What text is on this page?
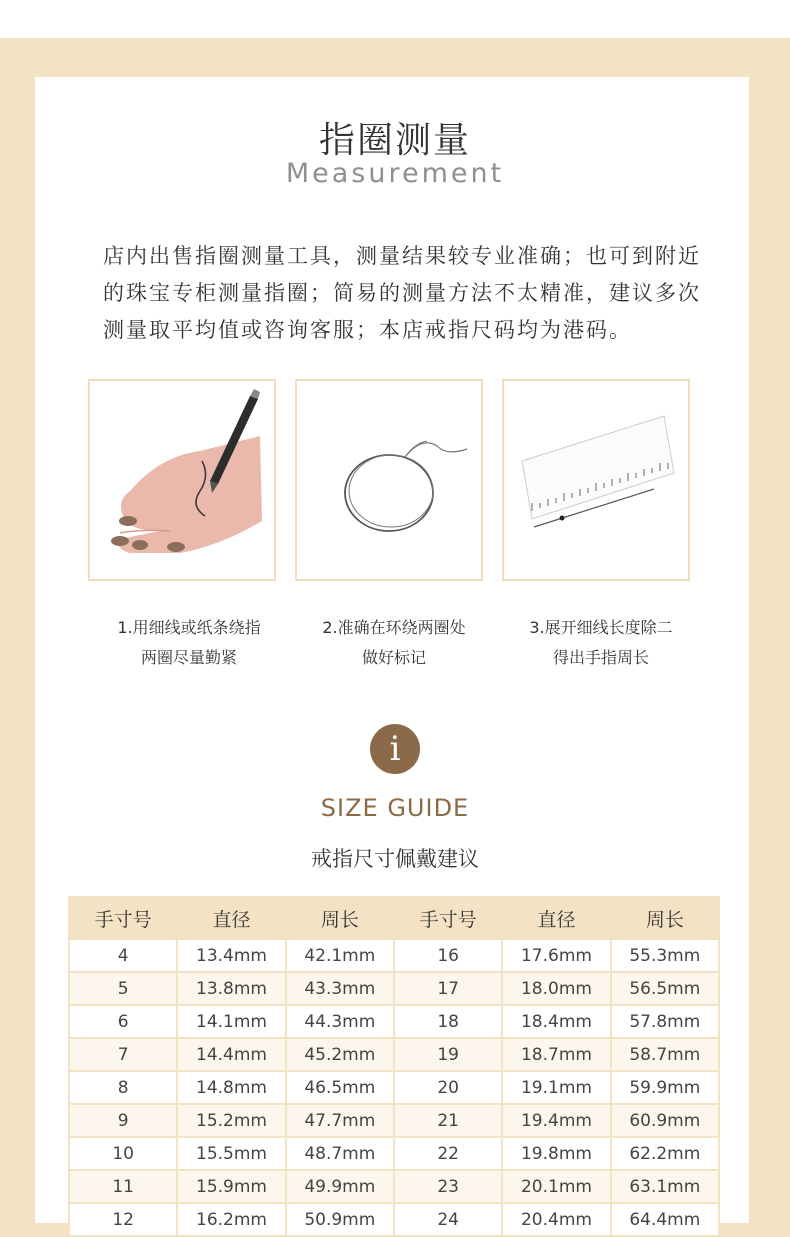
指圈测量
Measurement
店内出售指圈测量工具，测量结果较专业准确；也可到附近的珠宝专柜测量指圈；简易的测量方法不太精准，建议多次测量取平均值或咨询客服；本店戒指尺码均为港码。
1.用细线或纸条绕指
两圈尽量勤紧
2.准确在环绕两圈处
做好标记
3.展开细线长度除二
得出手指周长
i
SIZE GUIDE
戒指尺寸佩戴建议
手寸号	直径	周长	手寸号	直径	周长
4	13.4mm	42.1mm	16	17.6mm	55.3mm
5	13.8mm	43.3mm	17	18.0mm	56.5mm
6	14.1mm	44.3mm	18	18.4mm	57.8mm
7	14.4mm	45.2mm	19	18.7mm	58.7mm
8	14.8mm	46.5mm	20	19.1mm	59.9mm
9	15.2mm	47.7mm	21	19.4mm	60.9mm
10	15.5mm	48.7mm	22	19.8mm	62.2mm
11	15.9mm	49.9mm	23	20.1mm	63.1mm
12	16.2mm	50.9mm	24	20.4mm	64.4mm
